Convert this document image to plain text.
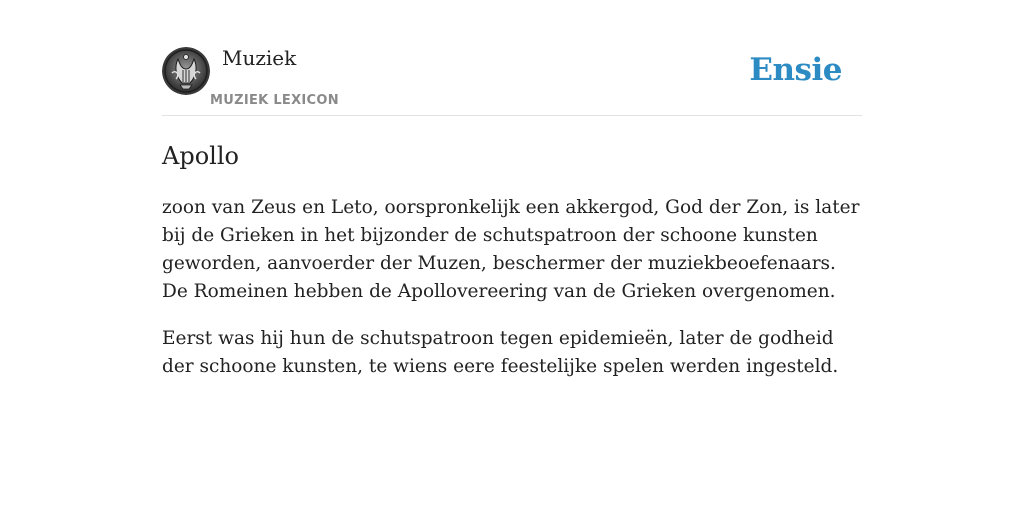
Muziek
MUZIEK LEXICON
Ensie
Apollo

zoon van Zeus en Leto, oorspronkelijk een akkergod, God der Zon, is later bij de Grieken in het bijzonder de schutspatroon der schoone kunsten geworden, aanvoerder der Muzen, beschermer der muziekbeoefenaars. De Romeinen hebben de Apollovereering van de Grieken overgenomen.

Eerst was hij hun de schutspatroon tegen epidemieën, later de godheid der schoone kunsten, te wiens eere feestelijke spelen werden ingesteld.
